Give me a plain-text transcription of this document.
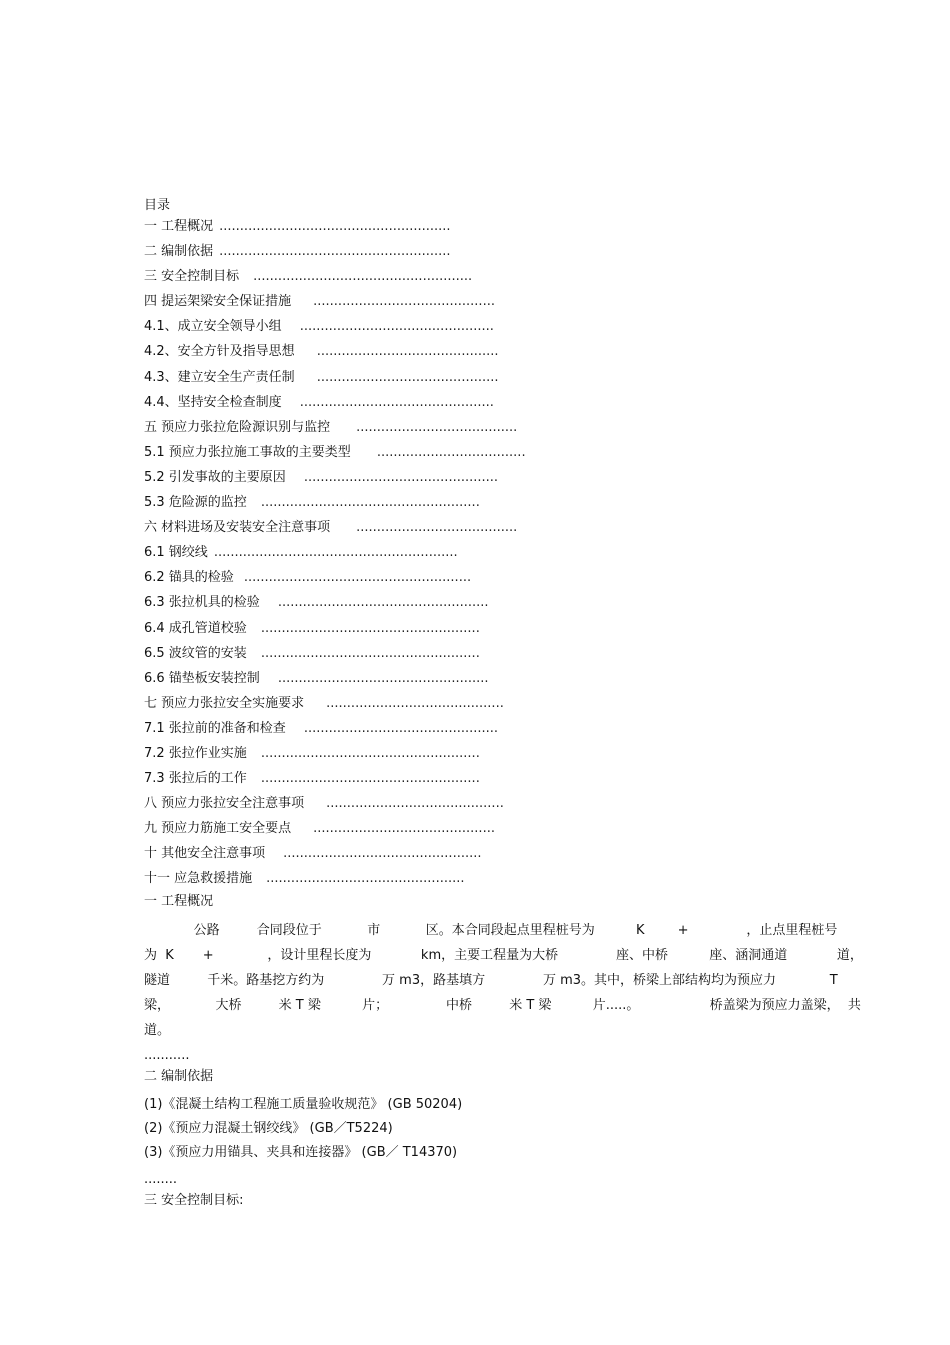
目录
一 工程概况 ........................................................
二 编制依据 ........................................................
三 安全控制目标 .....................................................
四 提运架梁安全保证措施 ............................................
4.1、成立安全领导小组 ...............................................
4.2、安全方针及指导思想 ............................................
4.3、建立安全生产责任制 ............................................
4.4、坚持安全检查制度 ...............................................
五 预应力张拉危险源识别与监控 .......................................
5.1 预应力张拉施工事故的主要类型 ....................................
5.2 引发事故的主要原因 ...............................................
5.3 危险源的监控 .....................................................
六 材料进场及安装安全注意事项 .......................................
6.1 钢绞线 ...........................................................
6.2 锚具的检验 .......................................................
6.3 张拉机具的检验 ...................................................
6.4 成孔管道校验 .....................................................
6.5 波纹管的安装 .....................................................
6.6 锚垫板安装控制 ...................................................
七 预应力张拉安全实施要求 ...........................................
7.1 张拉前的准备和检查 ...............................................
7.2 张拉作业实施 .....................................................
7.3 张拉后的工作 .....................................................
八 预应力张拉安全注意事项 ...........................................
九 预应力筋施工安全要点 ............................................
十 其他安全注意事项 ................................................
十一 应急救援措施 ................................................
一 工程概况
公路         合同段位于           市           区。本合同段起点里程桩号为          K        +              ，止点里程桩号
为  K       +             ，设计里程长度为            km，主要工程量为大桥              座、中桥          座、涵洞通道            道，
隧道         千米。路基挖方约为              万 m3，路基填方              万 m3。其中，桥梁上部结构均为预应力             T
梁，           大桥         米 T 梁          片；              中桥         米 T 梁          片.....。                 桥盖梁为预应力盖梁，  共
道。
...........
二 编制依据
(1)《混凝土结构工程施工质量验收规范》 (GB 50204)
(2)《预应力混凝土钢绞线》 (GB／T5224)
(3)《预应力用锚具、夹具和连接器》 (GB／ T14370)
........
三 安全控制目标:
